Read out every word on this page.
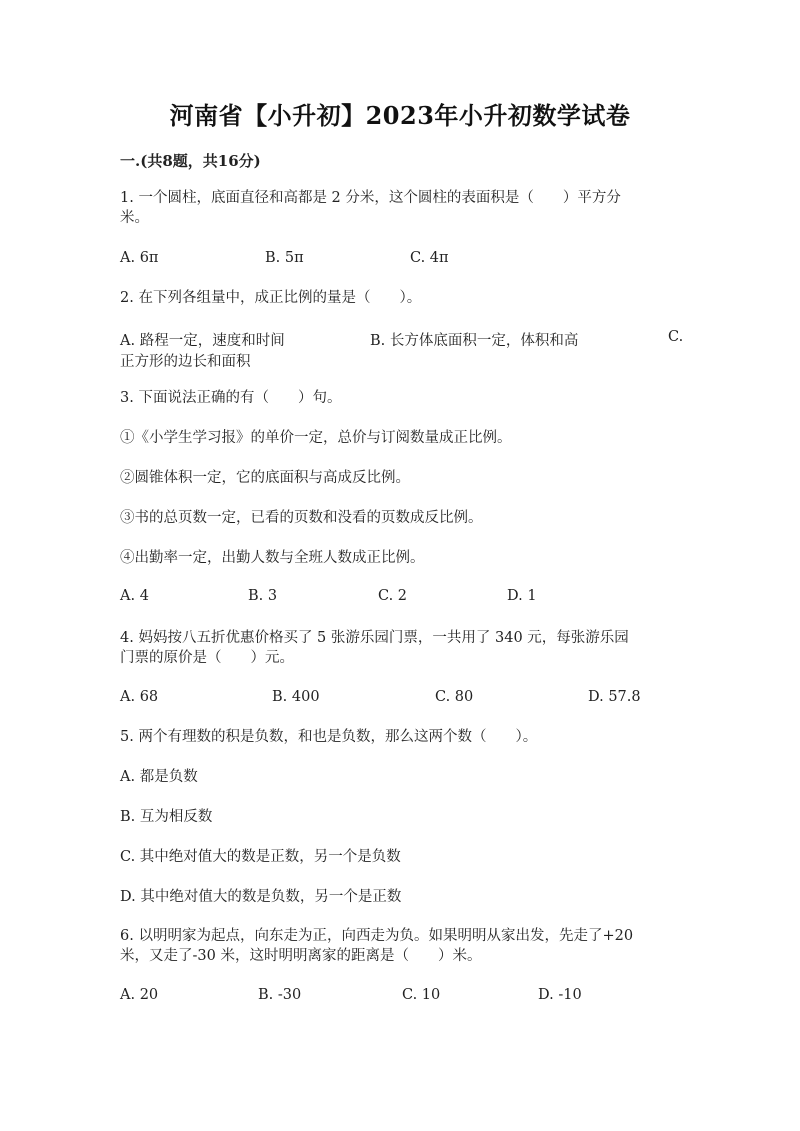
河南省【小升初】2023年小升初数学试卷
一.(共8题，共16分)
1. 一个圆柱，底面直径和高都是 2 分米，这个圆柱的表面积是（　　）平方分
米。
A. 6π	B. 5π	C. 4π
2. 在下列各组量中，成正比例的量是（　　）。
A. 路程一定，速度和时间	B. 长方体底面积一定，体积和高	C.
正方形的边长和面积
3. 下面说法正确的有（　　）句。
①《小学生学习报》的单价一定，总价与订阅数量成正比例。
②圆锥体积一定，它的底面积与高成反比例。
③书的总页数一定，已看的页数和没看的页数成反比例。
④出勤率一定，出勤人数与全班人数成正比例。
A. 4	B. 3	C. 2	D. 1
4. 妈妈按八五折优惠价格买了 5 张游乐园门票，一共用了 340 元，每张游乐园
门票的原价是（　　）元。
A. 68	B. 400	C. 80	D. 57.8
5. 两个有理数的积是负数，和也是负数，那么这两个数（　　）。
A. 都是负数
B. 互为相反数
C. 其中绝对值大的数是正数，另一个是负数
D. 其中绝对值大的数是负数，另一个是正数
6. 以明明家为起点，向东走为正，向西走为负。如果明明从家出发，先走了+20
米，又走了-30 米，这时明明离家的距离是（　　）米。
A. 20	B. -30	C. 10	D. -10
